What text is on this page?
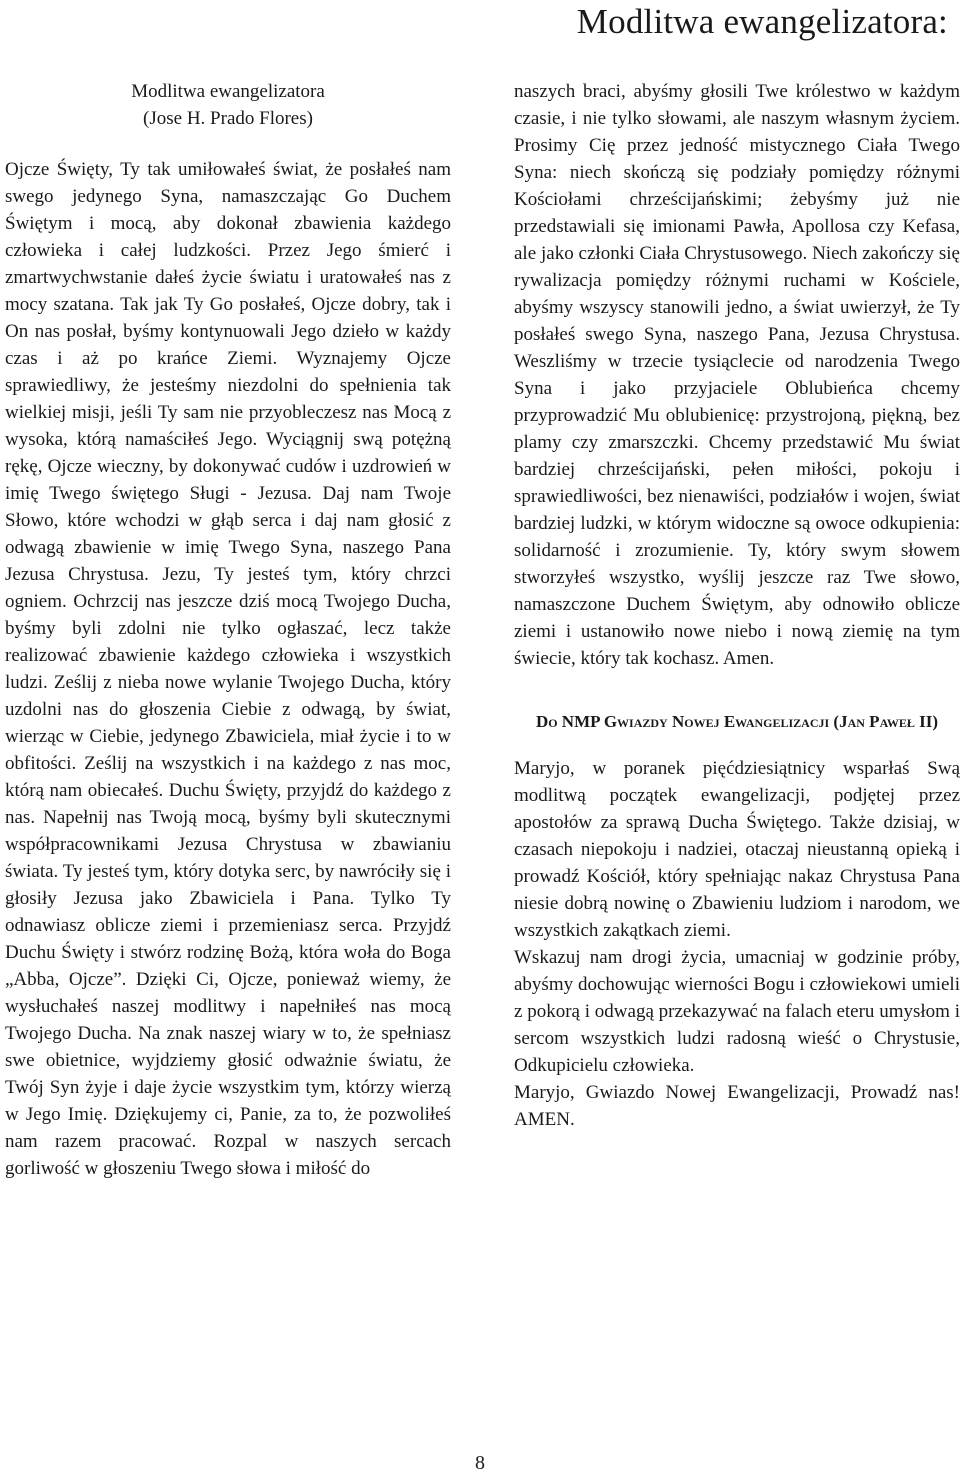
Modlitwa ewangelizatora:
Modlitwa ewangelizatora
(Jose H. Prado Flores)

Ojcze Święty, Ty tak umiłowałeś świat, że posłałeś nam swego jedynego Syna, namaszczając Go Duchem Świętym i mocą, aby dokonał zbawienia każdego człowieka i całej ludzkości. Przez Jego śmierć i zmartwychwstanie dałeś życie światu i uratowałeś nas z mocy szatana. Tak jak Ty Go posłałeś, Ojcze dobry, tak i On nas posłał, byśmy kontynuowali Jego dzieło w każdy czas i aż po krańce Ziemi. Wyznajemy Ojcze sprawiedliwy, że jesteśmy niezdolni do spełnienia tak wielkiej misji, jeśli Ty sam nie przyobleczesz nas Mocą z wysoka, którą namaściłeś Jego. Wyciągnij swą potężną rękę, Ojcze wieczny, by dokonywać cudów i uzdrowień w imię Twego świętego Sługi - Jezusa. Daj nam Twoje Słowo, które wchodzi w głąb serca i daj nam głosić z odwagą zbawienie w imię Twego Syna, naszego Pana Jezusa Chrystusa. Jezu, Ty jesteś tym, który chrzci ogniem. Ochrzcij nas jeszcze dziś mocą Twojego Ducha, byśmy byli zdolni nie tylko ogłaszać, lecz także realizować zbawienie każdego człowieka i wszystkich ludzi. Ześlij z nieba nowe wylanie Twojego Ducha, który uzdolni nas do głoszenia Ciebie z odwagą, by świat, wierząc w Ciebie, jedynego Zbawiciela, miał życie i to w obfitości. Ześlij na wszystkich i na każdego z nas moc, którą nam obiecałeś. Duchu Święty, przyjdź do każdego z nas. Napełnij nas Twoją mocą, byśmy byli skutecznymi współpracownikami Jezusa Chrystusa w zbawianiu świata. Ty jesteś tym, który dotyka serc, by nawróciły się i głosiły Jezusa jako Zbawiciela i Pana. Tylko Ty odnawiasz oblicze ziemi i przemieniasz serca. Przyjdź Duchu Święty i stwórz rodzinę Bożą, która woła do Boga „Abba, Ojcze”. Dzięki Ci, Ojcze, ponieważ wiemy, że wysłuchałeś naszej modlitwy i napełniłeś nas mocą Twojego Ducha. Na znak naszej wiary w to, że spełniasz swe obietnice, wyjdziemy głosić odważnie światu, że Twój Syn żyje i daje życie wszystkim tym, którzy wierzą w Jego Imię. Dziękujemy ci, Panie, za to, że pozwoliłeś nam razem pracować. Rozpal w naszych sercach gorliwość w głoszeniu Twego słowa i miłość do

naszych braci, abyśmy głosili Twe królestwo w każdym czasie, i nie tylko słowami, ale naszym własnym życiem. Prosimy Cię przez jedność mistycznego Ciała Twego Syna: niech skończą się podziały pomiędzy różnymi Kościołami chrześcijańskimi; żebyśmy już nie przedstawiali się imionami Pawła, Apollosa czy Kefasa, ale jako członki Ciała Chrystusowego. Niech zakończy się rywalizacja pomiędzy różnymi ruchami w Kościele, abyśmy wszyscy stanowili jedno, a świat uwierzył, że Ty posłałeś swego Syna, naszego Pana, Jezusa Chrystusa. Weszliśmy w trzecie tysiąclecie od narodzenia Twego Syna i jako przyjaciele Oblubieńca chcemy przyprowadzić Mu oblubienicę: przystrojoną, piękną, bez plamy czy zmarszczki. Chcemy przedstawić Mu świat bardziej chrześcijański, pełen miłości, pokoju i sprawiedliwości, bez nienawiści, podziałów i wojen, świat bardziej ludzki, w którym widoczne są owoce odkupienia: solidarność i zrozumienie. Ty, który swym słowem stworzyłeś wszystko, wyślij jeszcze raz Twe słowo, namaszczone Duchem Świętym, aby odnowiło oblicze ziemi i ustanowiło nowe niebo i nową ziemię na tym świecie, który tak kochasz. Amen.

Do NMP Gwiazdy Nowej Ewangelizacji (Jan Paweł II)

Maryjo, w poranek pięćdziesiątnicy wsparłaś Swą modlitwą początek ewangelizacji, podjętej przez apostołów za sprawą Ducha Świętego. Także dzisiaj, w czasach niepokoju i nadziei, otaczaj nieustanną opieką i prowadź Kościół, który spełniając nakaz Chrystusa Pana niesie dobrą nowinę o Zbawieniu ludziom i narodom, we wszystkich zakątkach ziemi.

Wskazuj nam drogi życia, umacniaj w godzinie próby, abyśmy dochowując wierności Bogu i człowiekowi umieli z pokorą i odwagą przekazywać na falach eteru umysłom i sercom wszystkich ludzi radosną wieść o Chrystusie, Odkupicielu człowieka.

Maryjo, Gwiazdo Nowej Ewangelizacji, Prowadź nas! AMEN.

8
